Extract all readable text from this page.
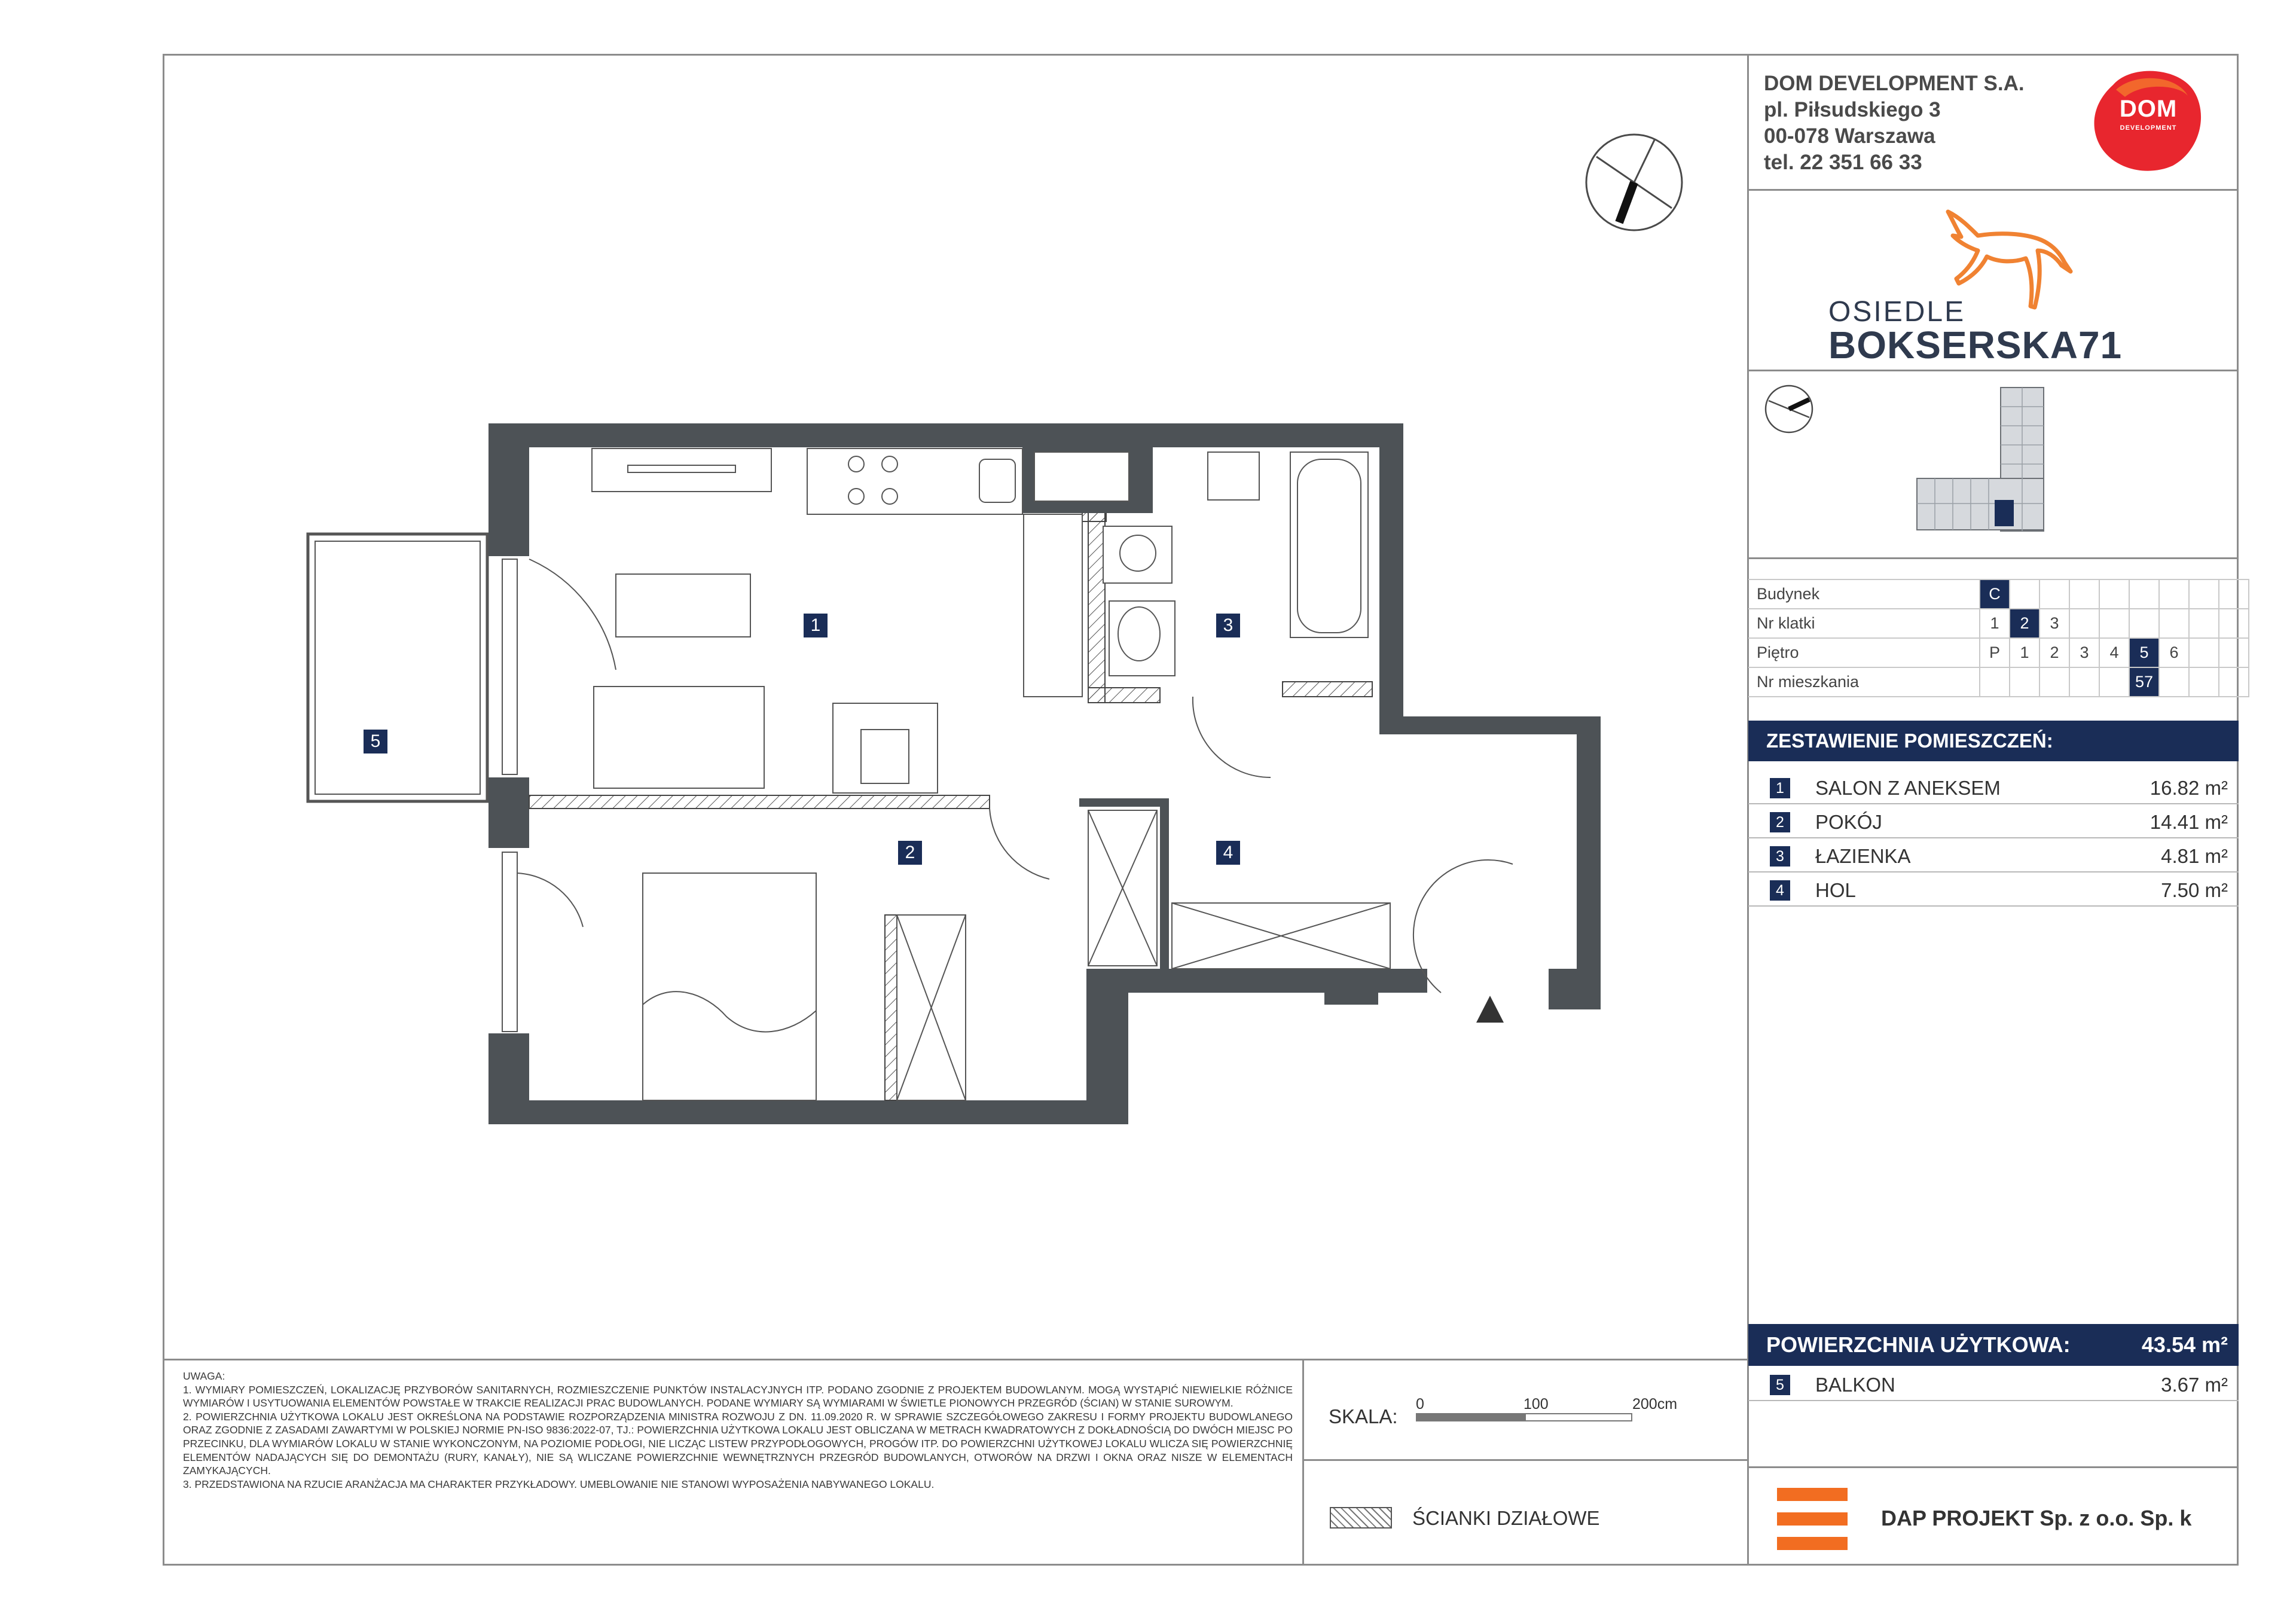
DOM DEVELOPMENT S.A.
pl. Piłsudskiego 3
00-078 Warszawa
tel. 22 351 66 33
DOM
DEVELOPMENT
OSIEDLE
BOKSERSKA71
Budynek	C								
Nr klatki	1	2	3						
Piętro	P	1	2	3	4	5	6		
Nr mieszkania						57			
ZESTAWIENIE POMIESZCZEŃ:
1	SALON Z ANEKSEM	16.82 m²
2	POKÓJ	14.41 m²
3	ŁAZIENKA	4.81 m²
4	HOL	7.50 m²
POWIERZCHNIA UŻYTKOWA:	43.54 m²
5	BALKON	3.67 m²
1
2
3
4
5

UWAGA:

1. WYMIARY POMIESZCZEŃ, LOKALIZACJĘ PRZYBORÓW SANITARNYCH, ROZMIESZCZENIE PUNKTÓW INSTALACYJNYCH ITP. PODANO ZGODNIE Z PROJEKTEM BUDOWLANYM. MOGĄ WYSTĄPIĆ NIEWIELKIE RÓŻNICE WYMIARÓW I USYTUOWANIA ELEMENTÓW POWSTAŁE W TRAKCIE REALIZACJI PRAC BUDOWLANYCH. PODANE WYMIARY SĄ WYMIARAMI W ŚWIETLE PIONOWYCH PRZEGRÓD (ŚCIAN) W STANIE SUROWYM.

2. POWIERZCHNIA UŻYTKOWA LOKALU JEST OKREŚLONA NA PODSTAWIE ROZPORZĄDZENIA MINISTRA ROZWOJU Z DN. 11.09.2020 R. W SPRAWIE SZCZEGÓŁOWEGO ZAKRESU I FORMY PROJEKTU BUDOWLANEGO ORAZ ZGODNIE Z ZASADAMI ZAWARTYMI W POLSKIEJ NORMIE PN-ISO 9836:2022-07, TJ.: POWIERZCHNIA UŻYTKOWA LOKALU JEST OBLICZANA W METRACH KWADRATOWYCH Z DOKŁADNOŚCIĄ DO DWÓCH MIEJSC PO PRZECINKU, DLA WYMIARÓW LOKALU W STANIE WYKONCZONYM, NA POZIOMIE PODŁOGI, NIE LICZĄC LISTEW PRZYPODŁOGOWYCH, PROGÓW ITP. DO POWIERZCHNI UŻYTKOWEJ LOKALU WLICZA SIĘ POWIERZCHNIĘ ELEMENTÓW NADAJĄCYCH SIĘ DO DEMONTAŻU (RURY, KANAŁY), NIE SĄ WLICZANE POWIERZCHNIE WEWNĘTRZNYCH PRZEGRÓD BUDOWLANYCH, OTWORÓW NA DRZWI I OKNA ORAZ NISZE W ELEMENTACH ZAMYKAJĄCYCH.

3. PRZEDSTAWIONA NA RZUCIE ARANŻACJA MA CHARAKTER PRZYKŁADOWY. UMEBLOWANIE NIE STANOWI WYPOSAŻENIA NABYWANEGO LOKALU.

SKALA:
0	100	200cm
ŚCIANKI DZIAŁOWE	DAP PROJEKT Sp. z o.o. Sp. k
